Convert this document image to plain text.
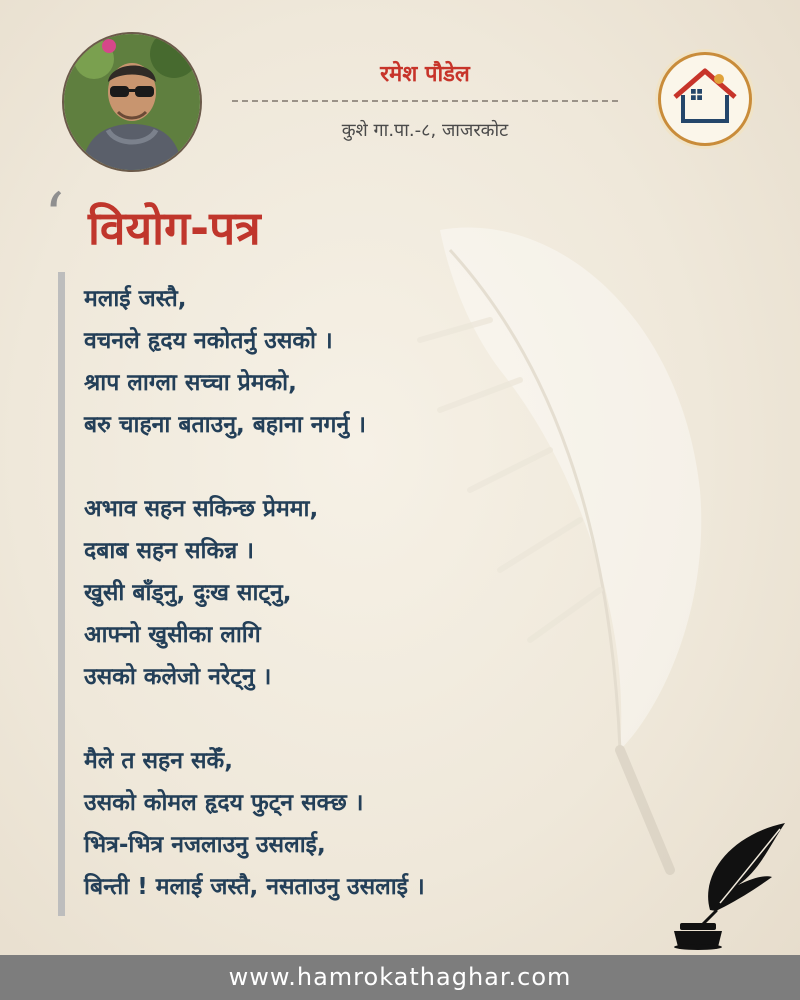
रमेश पौडेल
कुशे गा.पा.-८, जाजरकोट
‘ वियोग-पत्र
मलाई जस्तै,
वचनले हृदय नकोतर्नु उसको ।
श्राप लाग्ला सच्चा प्रेमको,
बरु चाहना बताउनु, बहाना नगर्नु ।
अभाव सहन सकिन्छ प्रेममा,
दबाब सहन सकिन्न ।
खुसी बाँड्नु, दुःख साट्नु,
आफ्नो खुसीका लागि
उसको कलेजो नरेट्नु ।
मैले त सहन सकेँ,
उसको कोमल हृदय फुट्न सक्छ ।
भित्र-भित्र नजलाउनु उसलाई,
बिन्ती ! मलाई जस्तै, नसताउनु उसलाई ।
www.hamrokathaghar.com
